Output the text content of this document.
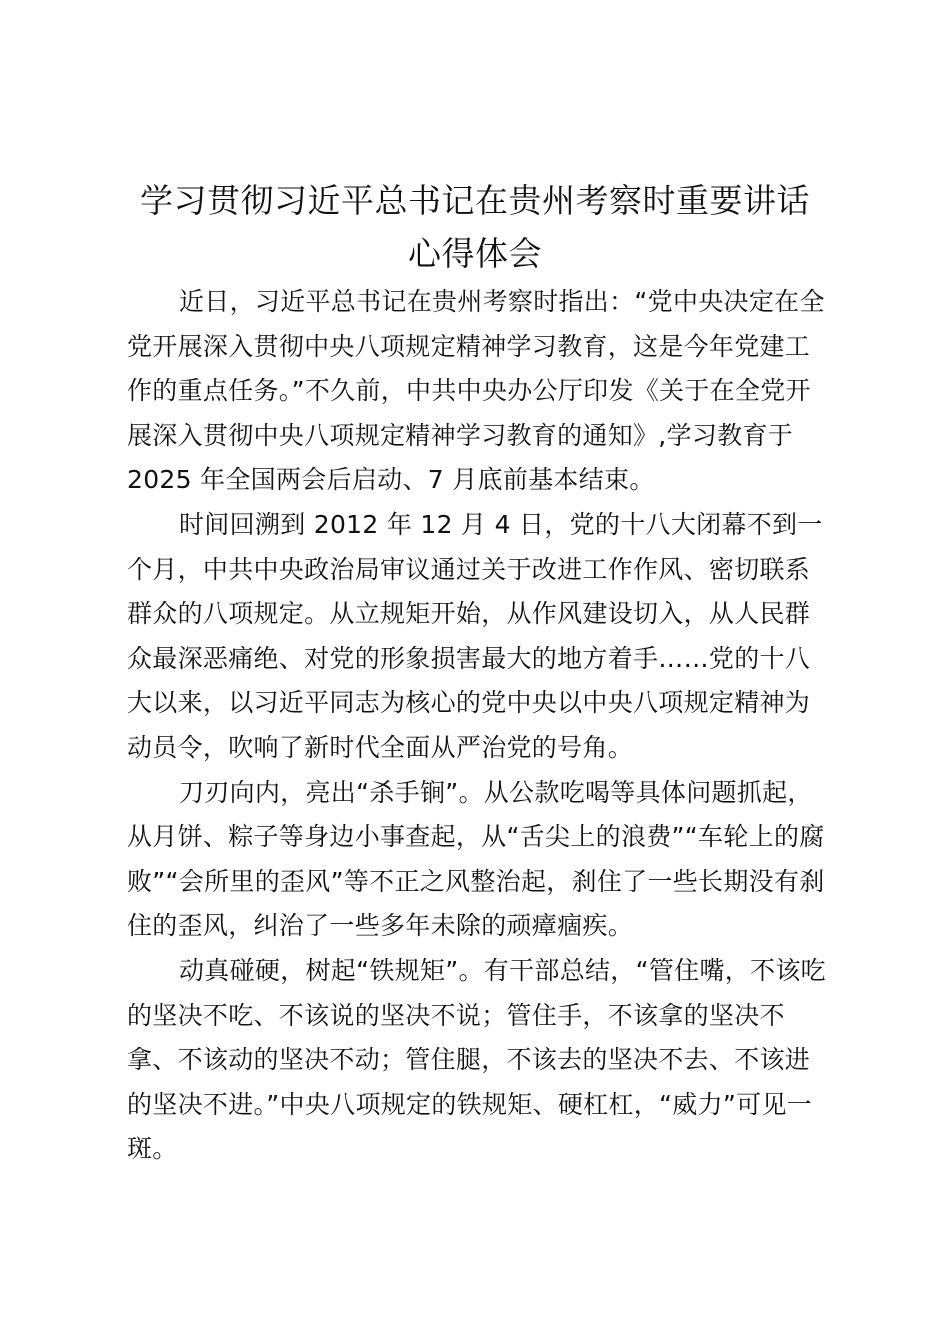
学习贯彻习近平总书记在贵州考察时重要讲话
心得体会
近日，习近平总书记在贵州考察时指出：“党中央决定在全
党开展深入贯彻中央八项规定精神学习教育，这是今年党建工
作的重点任务。”不久前，中共中央办公厅印发《关于在全党开
展深入贯彻中央八项规定精神学习教育的通知》,学习教育于
2025 年全国两会后启动、7 月底前基本结束。
时间回溯到 2012 年 12 月 4 日，党的十八大闭幕不到一
个月，中共中央政治局审议通过关于改进工作作风、密切联系
群众的八项规定。从立规矩开始，从作风建设切入，从人民群
众最深恶痛绝、对党的形象损害最大的地方着手……党的十八
大以来，以习近平同志为核心的党中央以中央八项规定精神为
动员令，吹响了新时代全面从严治党的号角。
刀刃向内，亮出“杀手锏”。从公款吃喝等具体问题抓起，
从月饼、粽子等身边小事查起，从“舌尖上的浪费”“车轮上的腐
败”“会所里的歪风”等不正之风整治起，刹住了一些长期没有刹
住的歪风，纠治了一些多年未除的顽瘴痼疾。
动真碰硬，树起“铁规矩”。有干部总结，“管住嘴，不该吃
的坚决不吃、不该说的坚决不说；管住手，不该拿的坚决不
拿、不该动的坚决不动；管住腿，不该去的坚决不去、不该进
的坚决不进。”中央八项规定的铁规矩、硬杠杠，“威力”可见一
斑。
